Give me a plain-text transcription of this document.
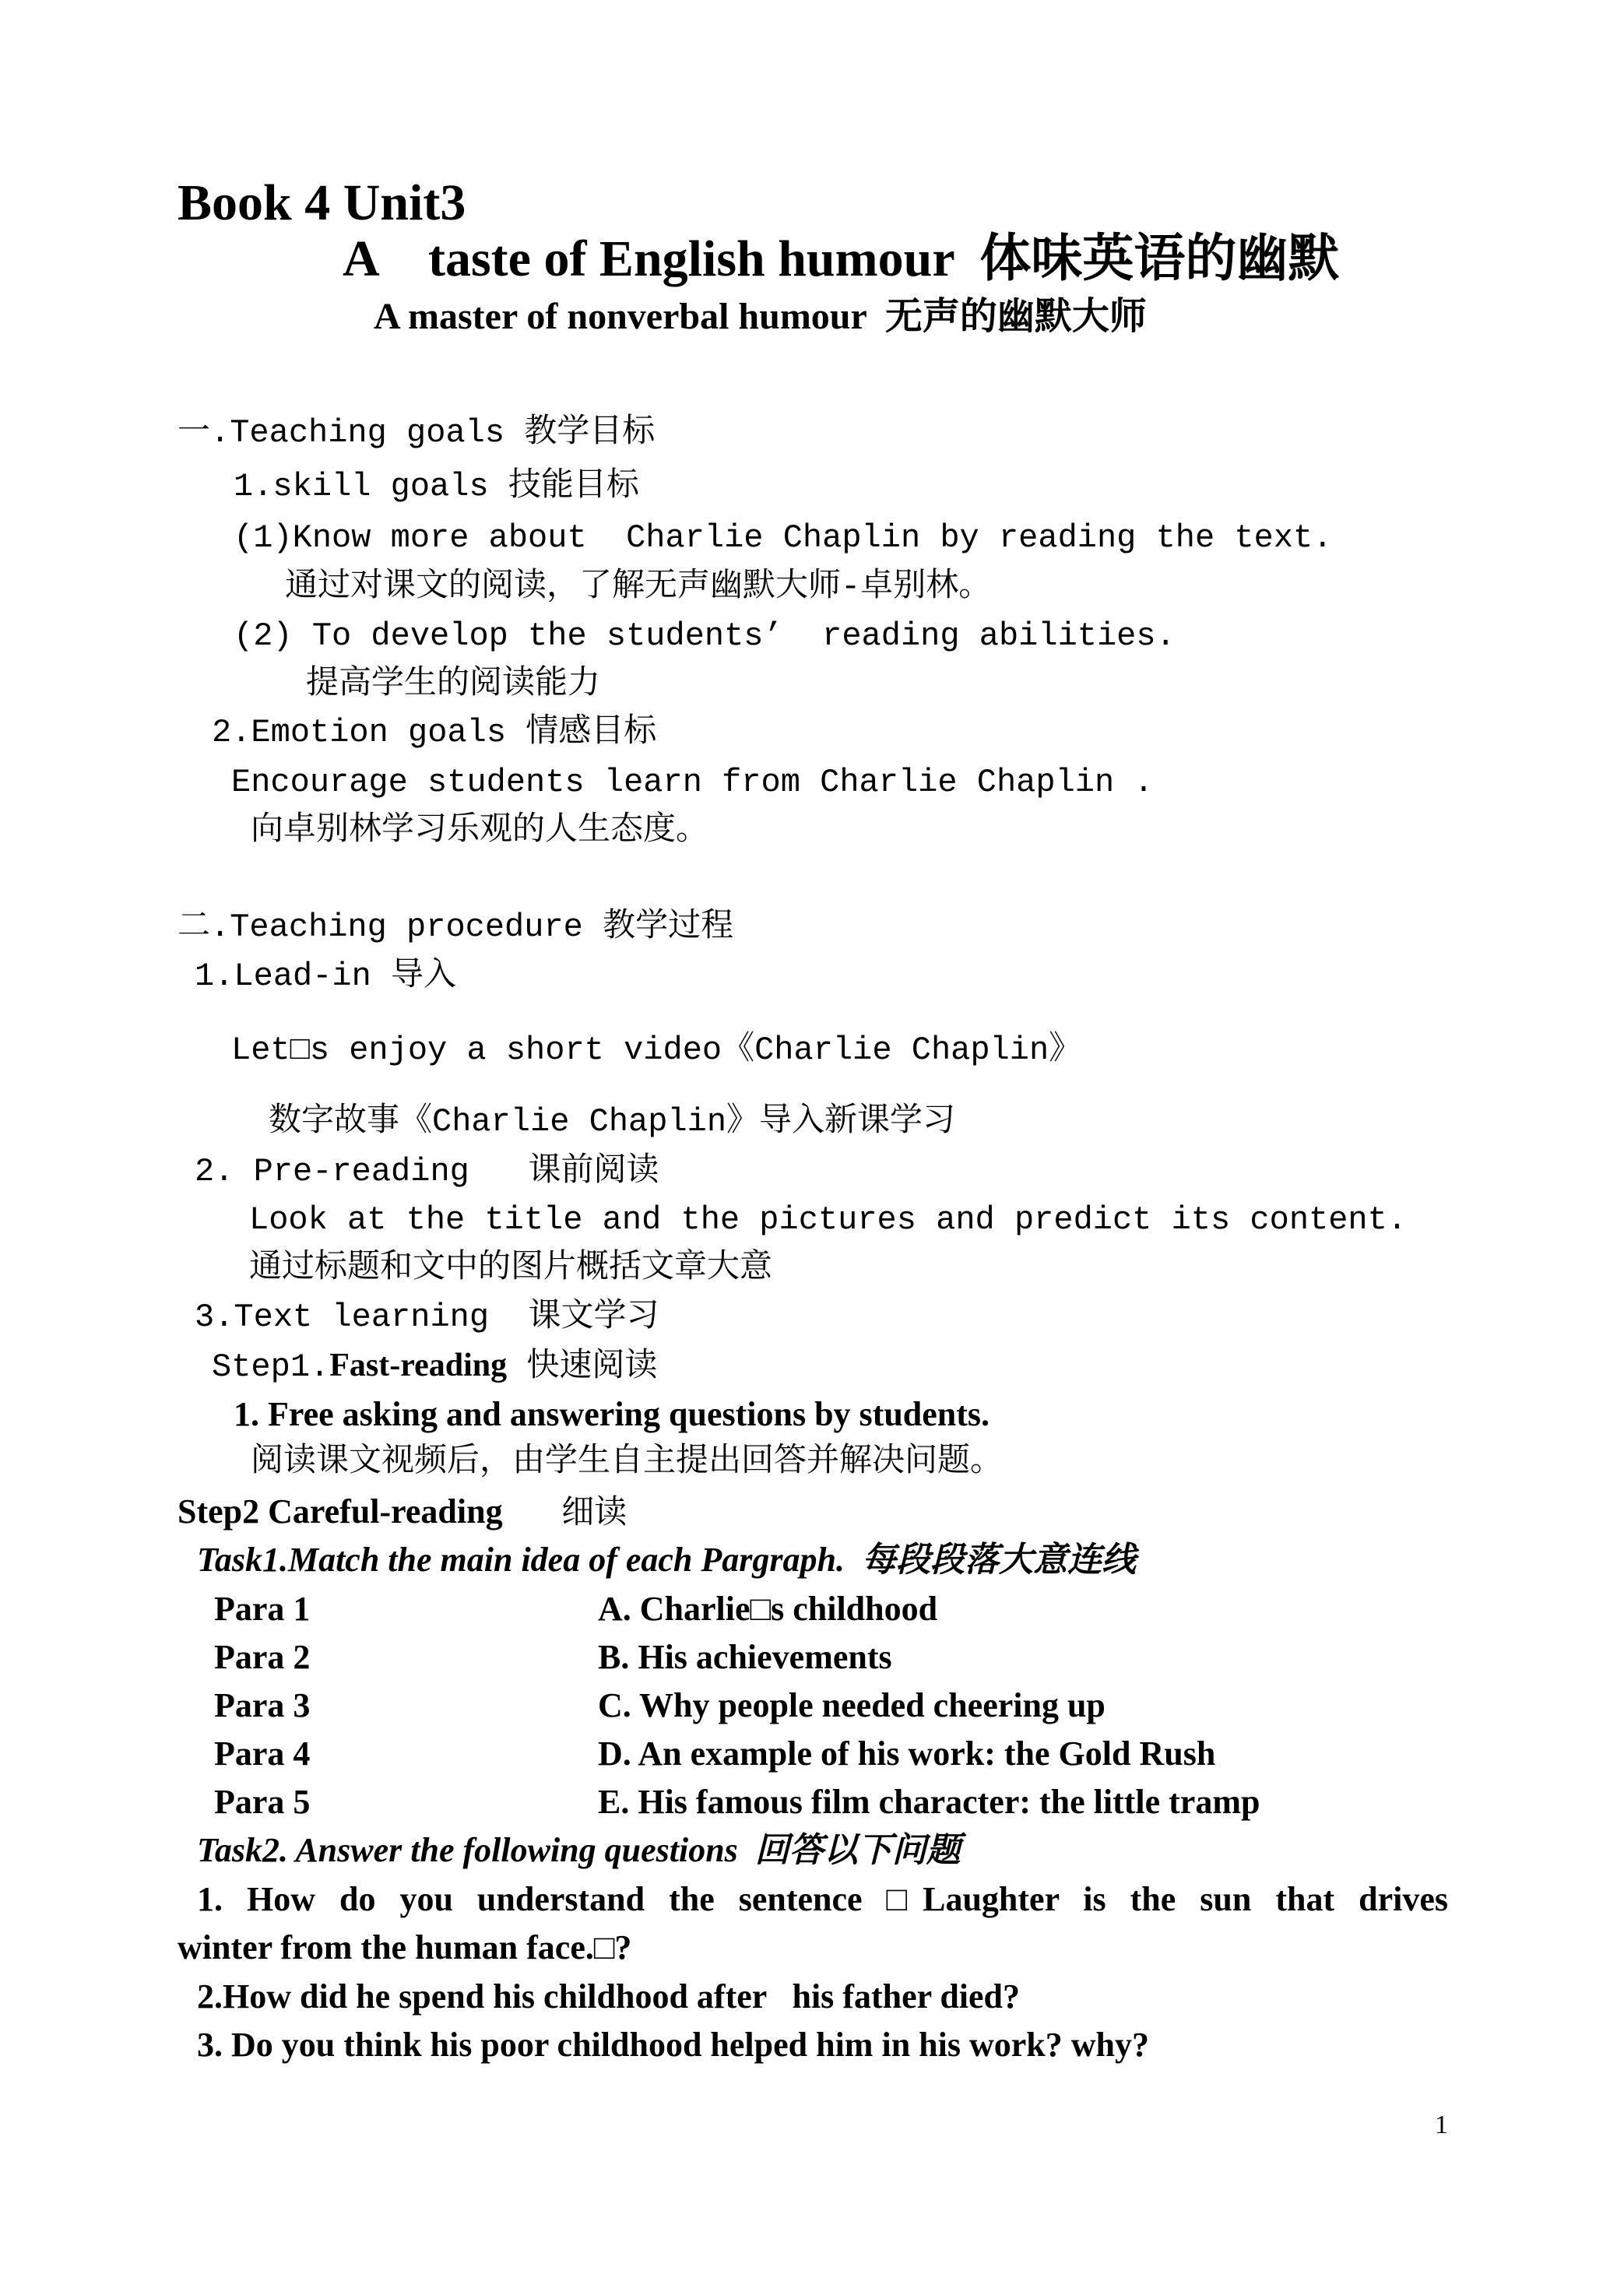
Book 4 Unit3
A    taste of English humour  体味英语的幽默
A master of nonverbal humour  无声的幽默大师
一.Teaching goals 教学目标
1.skill goals 技能目标
(1)Know more about  Charlie Chaplin by reading the text.
通过对课文的阅读，了解无声幽默大师-卓别林。
(2) To develop the students’  reading abilities.
提高学生的阅读能力
2.Emotion goals 情感目标
Encourage students learn from Charlie Chaplin .
向卓别林学习乐观的人生态度。
二.Teaching procedure 教学过程
1.Lead-in 导入
Let□s enjoy a short video《Charlie Chaplin》
数字故事《Charlie Chaplin》导入新课学习
2. Pre-reading   课前阅读
Look at the title and the pictures and predict its content.
通过标题和文中的图片概括文章大意
3.Text learning  课文学习
Step1.Fast-reading 快速阅读
1. Free asking and answering questions by students.
阅读课文视频后，由学生自主提出回答并解决问题。
Step2 Careful-reading   细读
Task1.Match the main idea of each Pargraph.  每段段落大意连线
Para 1	A. Charlie□s childhood
Para 2	B. His achievements
Para 3	C. Why people needed cheering up
Para 4	D. An example of his work: the Gold Rush
Para 5	E. His famous film character: the little tramp
Task2. Answer the following questions  回答以下问题
1. How do you understand the sentence □Laughter is the sun that drives
winter from the human face.□?
2.How did he spend his childhood after   his father died?
3. Do you think his poor childhood helped him in his work? why?
1
